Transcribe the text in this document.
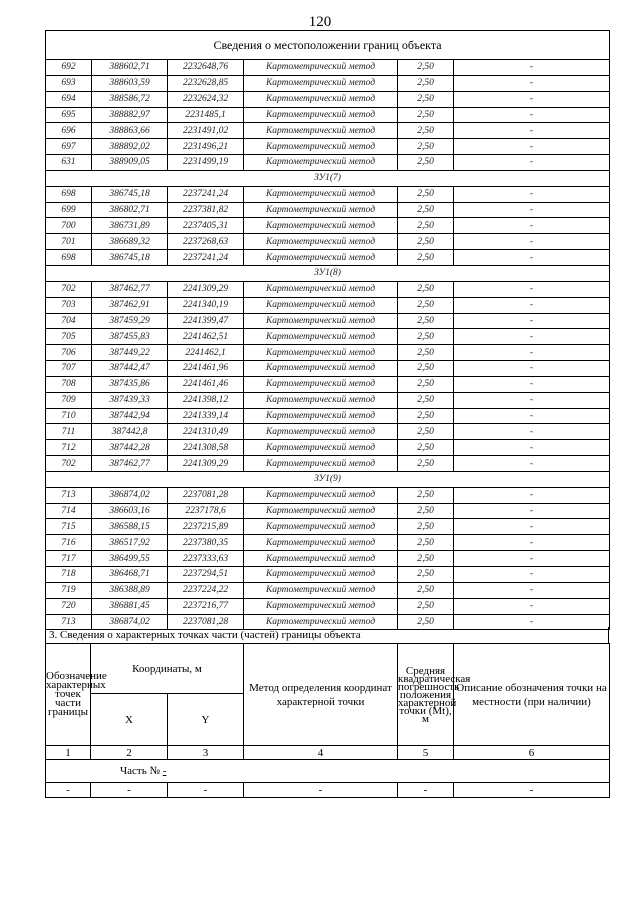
120
Сведения о местоположении границ объекта					
692	388602,71	2232648,76	Картометрический метод	2,50	-
693	388603,59	2232628,85	Картометрический метод	2,50	-
694	388586,72	2232624,32	Картометрический метод	2,50	-
695	388882,97	2231485,1	Картометрический метод	2,50	-
696	388863,66	2231491,02	Картометрический метод	2,50	-
697	388892,02	2231496,21	Картометрический метод	2,50	-
631	388909,05	2231499,19	Картометрический метод	2,50	-
ЗУ1(7)					
698	386745,18	2237241,24	Картометрический метод	2,50	-
699	386802,71	2237381,82	Картометрический метод	2,50	-
700	386731,89	2237405,31	Картометрический метод	2,50	-
701	386689,32	2237268,63	Картометрический метод	2,50	-
698	386745,18	2237241,24	Картометрический метод	2,50	-
ЗУ1(8)					
702	387462,77	2241309,29	Картометрический метод	2,50	-
703	387462,91	2241340,19	Картометрический метод	2,50	-
704	387459,29	2241399,47	Картометрический метод	2,50	-
705	387455,83	2241462,51	Картометрический метод	2,50	-
706	387449,22	2241462,1	Картометрический метод	2,50	-
707	387442,47	2241461,96	Картометрический метод	2,50	-
708	387435,86	2241461,46	Картометрический метод	2,50	-
709	387439,33	2241398,12	Картометрический метод	2,50	-
710	387442,94	2241339,14	Картометрический метод	2,50	-
711	387442,8	2241310,49	Картометрический метод	2,50	-
712	387442,28	2241308,58	Картометрический метод	2,50	-
702	387462,77	2241309,29	Картометрический метод	2,50	-
ЗУ1(9)					
713	386874,02	2237081,28	Картометрический метод	2,50	-
714	386603,16	2237178,6	Картометрический метод	2,50	-
715	386588,15	2237215,89	Картометрический метод	2,50	-
716	386517,92	2237380,35	Картометрический метод	2,50	-
717	386499,55	2237333,63	Картометрический метод	2,50	-
718	386468,71	2237294,51	Картометрический метод	2,50	-
719	386388,89	2237224,22	Картометрический метод	2,50	-
720	386881,45	2237216,77	Картометрический метод	2,50	-
713	386874,02	2237081,28	Картометрический метод	2,50	-
3. Сведения о характерных точках части (частей) границы объекта
Обозначение характерных точек части границы	Координаты, м		Метод определения координат характерной точки	Средняя квадратическая погрешность положения характерной точки (Мt), м	Описание обозначения точки на местности (при наличии)
	X	Y			
1	2	3	4	5	6
Часть № -					
-	-	-	-	-	-
